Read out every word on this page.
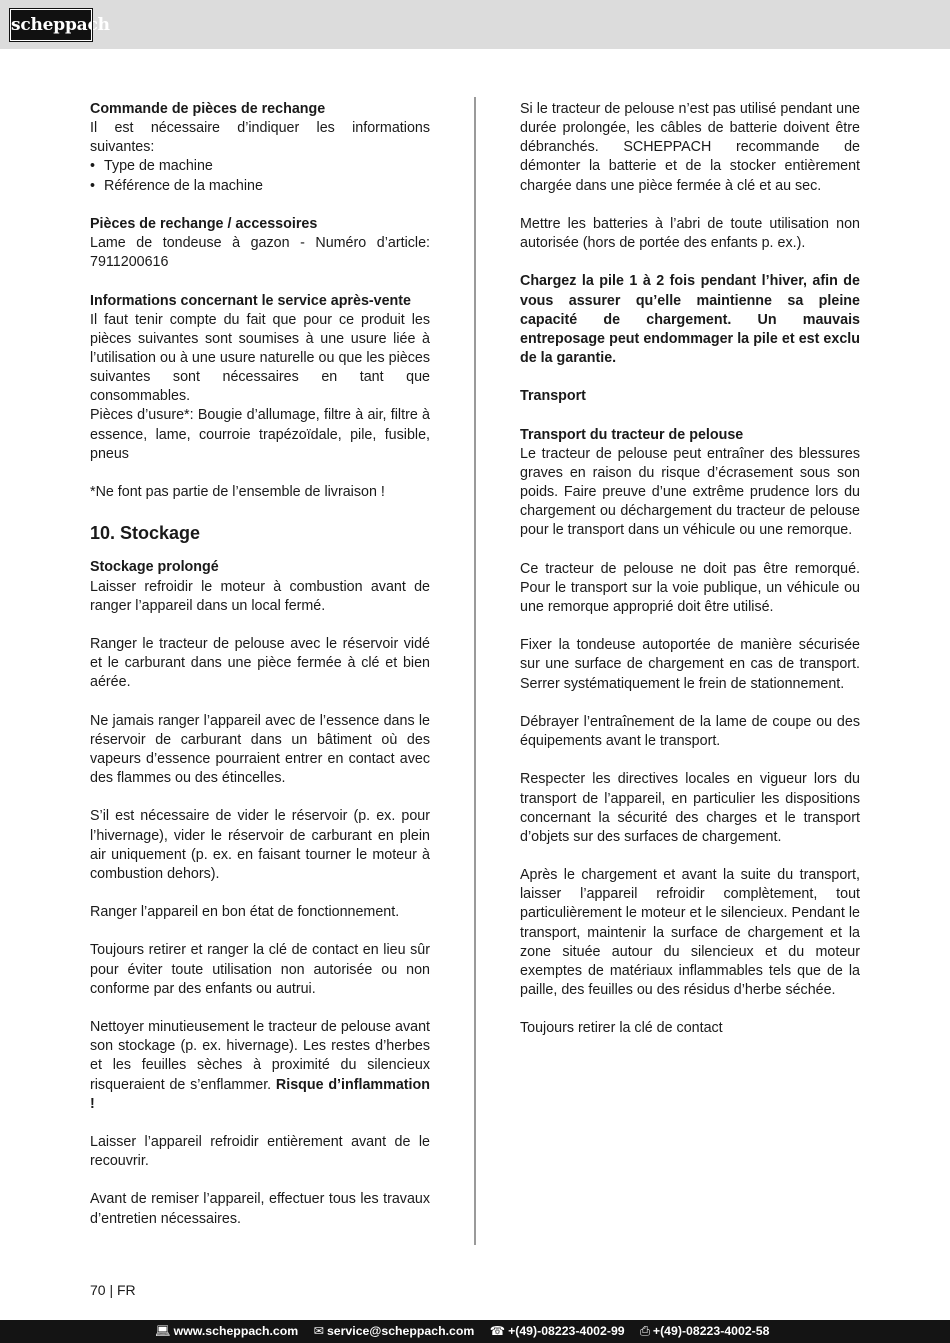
scheppach
Commande de pièces de rechange

Il est nécessaire d’indiquer les informations suivantes:

• Type de machine
• Référence de la machine
Pièces de rechange / accessoires

Lame de tondeuse à gazon - Numéro d’article: 7911200616

Informations concernant le service après-vente

Il faut tenir compte du fait que pour ce produit les pièces suivantes sont soumises à une usure liée à l’utilisation ou à une usure naturelle ou que les pièces suivantes sont nécessaires en tant que consommables.

Pièces d’usure*: Bougie d’allumage, filtre à air, filtre à essence, lame, courroie trapézoïdale, pile, fusible, pneus

*Ne font pas partie de l’ensemble de livraison !

10. Stockage
Stockage prolongé

Laisser refroidir le moteur à combustion avant de ranger l’appareil dans un local fermé.

Ranger le tracteur de pelouse avec le réservoir vidé et le carburant dans une pièce fermée à clé et bien aérée.
Ne jamais ranger l’appareil avec de l’essence dans le réservoir de carburant dans un bâtiment où des vapeurs d’essence pourraient entrer en contact avec des flammes ou des étincelles.
S’il est nécessaire de vider le réservoir (p. ex. pour l’hivernage), vider le réservoir de carburant en plein air uniquement (p. ex. en faisant tourner le moteur à combustion dehors).
Ranger l’appareil en bon état de fonctionnement.
Toujours retirer et ranger la clé de contact en lieu sûr pour éviter toute utilisation non autorisée ou non conforme par des enfants ou autrui.
Nettoyer minutieusement le tracteur de pelouse avant son stockage (p. ex. hivernage). Les restes d’herbes et les feuilles sèches à proximité du silencieux risqueraient de s’enflammer. Risque d’inflammation !
Laisser l’appareil refroidir entièrement avant de le recouvrir.
Avant de remiser l’appareil, effectuer tous les travaux d’entretien nécessaires.
Si le tracteur de pelouse n’est pas utilisé pendant une durée prolongée, les câbles de batterie doivent être débranchés. SCHEPPACH recommande de démonter la batterie et de la stocker entièrement chargée dans une pièce fermée à clé et au sec.
Mettre les batteries à l’abri de toute utilisation non autorisée (hors de portée des enfants p. ex.).

Chargez la pile 1 à 2 fois pendant l’hiver, afin de vous assurer qu’elle maintienne sa pleine capacité de chargement. Un mauvais entreposage peut endommager la pile et est exclu de la garantie.

Transport
Transport du tracteur de pelouse

Le tracteur de pelouse peut entraîner des blessures graves en raison du risque d’écrasement sous son poids. Faire preuve d’une extrême prudence lors du chargement ou déchargement du tracteur de pelouse pour le transport dans un véhicule ou une remorque.

Ce tracteur de pelouse ne doit pas être remorqué. Pour le transport sur la voie publique, un véhicule ou une remorque approprié doit être utilisé.
Fixer la tondeuse autoportée de manière sécurisée sur une surface de chargement en cas de transport. Serrer systématiquement le frein de stationnement.
Débrayer l’entraînement de la lame de coupe ou des équipements avant le transport.
Respecter les directives locales en vigueur lors du transport de l’appareil, en particulier les dispositions concernant la sécurité des charges et le transport d’objets sur des surfaces de chargement.
Après le chargement et avant la suite du transport, laisser l’appareil refroidir complètement, tout particulièrement le moteur et le silencieux. Pendant le transport, maintenir la surface de chargement et la zone située autour du silencieux et du moteur exemptes de matériaux inflammables tels que de la paille, des feuilles ou des résidus d’herbe séchée.
Toujours retirer la clé de contact
70 | FR
💻︎ www.scheppach.com ✉︎ service@scheppach.com ☎︎ +(49)-08223-4002-99 ⎙ +(49)-08223-4002-58
